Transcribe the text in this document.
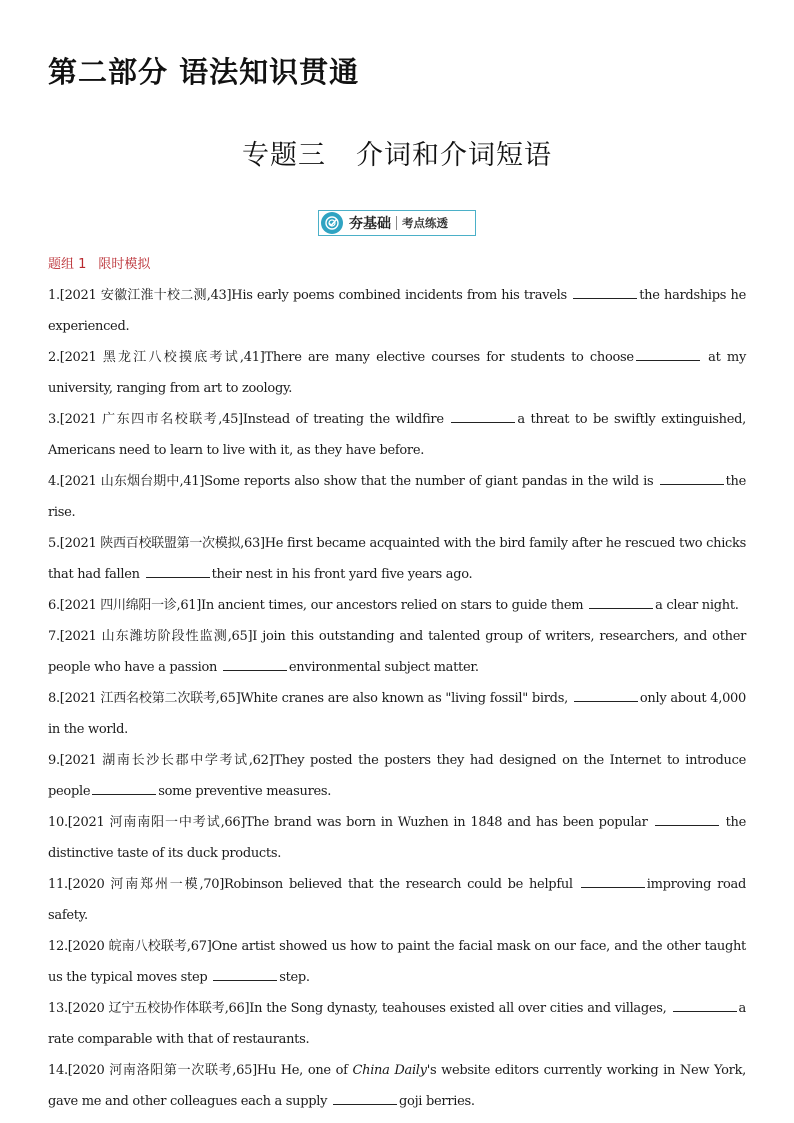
第二部分 语法知识贯通
专题三 介词和介词短语
夯基础 考点练透
题组 1 限时模拟

1.[2021 安徽江淮十校二测,43]His early poems combined incidents from his travels	the hardships he experienced.

2.[2021 黑龙江八校摸底考试,41]There are many elective courses for students to choose	at my university, ranging from art to zoology.

3.[2021 广东四市名校联考,45]Instead of treating the wildfire	a threat to be swiftly extinguished, Americans need to learn to live with it, as they have before.

4.[2021 山东烟台期中,41]Some reports also show that the number of giant pandas in the wild is	the rise.

5.[2021 陕西百校联盟第一次模拟,63]He first became acquainted with the bird family after he rescued two chicks that had fallen	their nest in his front yard five years ago.

6.[2021 四川绵阳一诊,61]In ancient times, our ancestors relied on stars to guide them	a clear night.

7.[2021 山东潍坊阶段性监测,65]I join this outstanding and talented group of writers, researchers, and other people who have a passion	environmental subject matter.

8.[2021 江西名校第二次联考,65]White cranes are also known as "living fossil" birds,	only about 4,000 in the world.

9.[2021 湖南长沙长郡中学考试,62]They posted the posters they had designed on the Internet to introduce people	some preventive measures.

10.[2021 河南南阳一中考试,66]The brand was born in Wuzhen in 1848 and has been popular	the distinctive taste of its duck products.

11.[2020 河南郑州一模,70]Robinson believed that the research could be helpful	improving road safety.

12.[2020 皖南八校联考,67]One artist showed us how to paint the facial mask on our face, and the other taught us the typical moves step	step.

13.[2020 辽宁五校协作体联考,66]In the Song dynasty, teahouses existed all over cities and villages,	a rate comparable with that of restaurants.

14.[2020 河南洛阳第一次联考,65]Hu He, one of China Daily's website editors currently working in New York, gave me and other colleagues each a supply	goji berries.
